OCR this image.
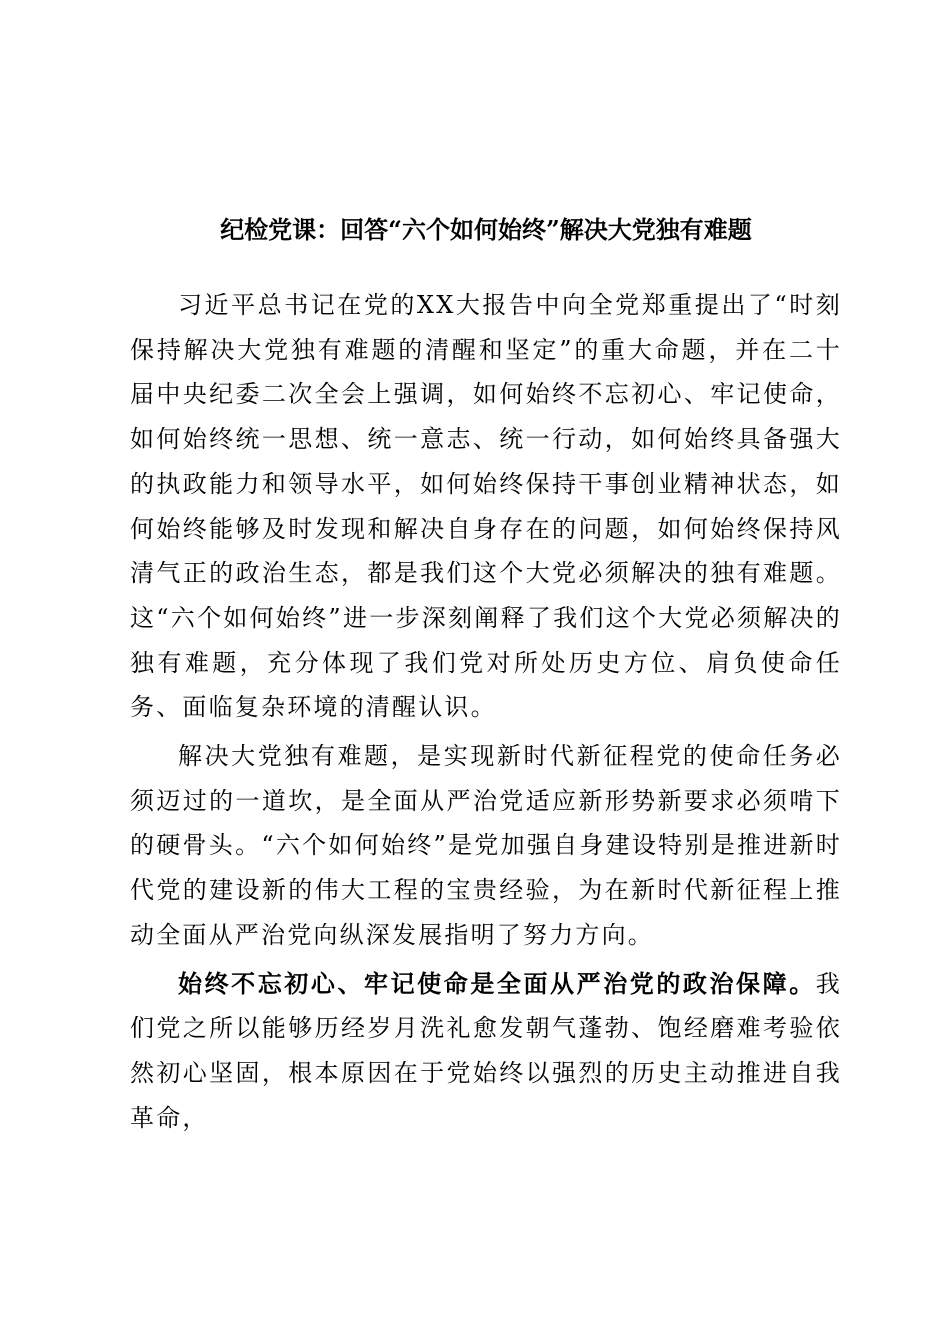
纪检党课：回答“六个如何始终”解决大党独有难题

习近平总书记在党的XX大报告中向全党郑重提出了“时刻保持解决大党独有难题的清醒和坚定”的重大命题，并在二十届中央纪委二次全会上强调，如何始终不忘初心、牢记使命，如何始终统一思想、统一意志、统一行动，如何始终具备强大的执政能力和领导水平，如何始终保持干事创业精神状态，如何始终能够及时发现和解决自身存在的问题，如何始终保持风清气正的政治生态，都是我们这个大党必须解决的独有难题。这“六个如何始终”进一步深刻阐释了我们这个大党必须解决的独有难题，充分体现了我们党对所处历史方位、肩负使命任务、面临复杂环境的清醒认识。

解决大党独有难题，是实现新时代新征程党的使命任务必须迈过的一道坎，是全面从严治党适应新形势新要求必须啃下的硬骨头。“六个如何始终”是党加强自身建设特别是推进新时代党的建设新的伟大工程的宝贵经验，为在新时代新征程上推动全面从严治党向纵深发展指明了努力方向。

始终不忘初心、牢记使命是全面从严治党的政治保障。我们党之所以能够历经岁月洗礼愈发朝气蓬勃、饱经磨难考验依然初心坚固，根本原因在于党始终以强烈的历史主动推进自我革命，
